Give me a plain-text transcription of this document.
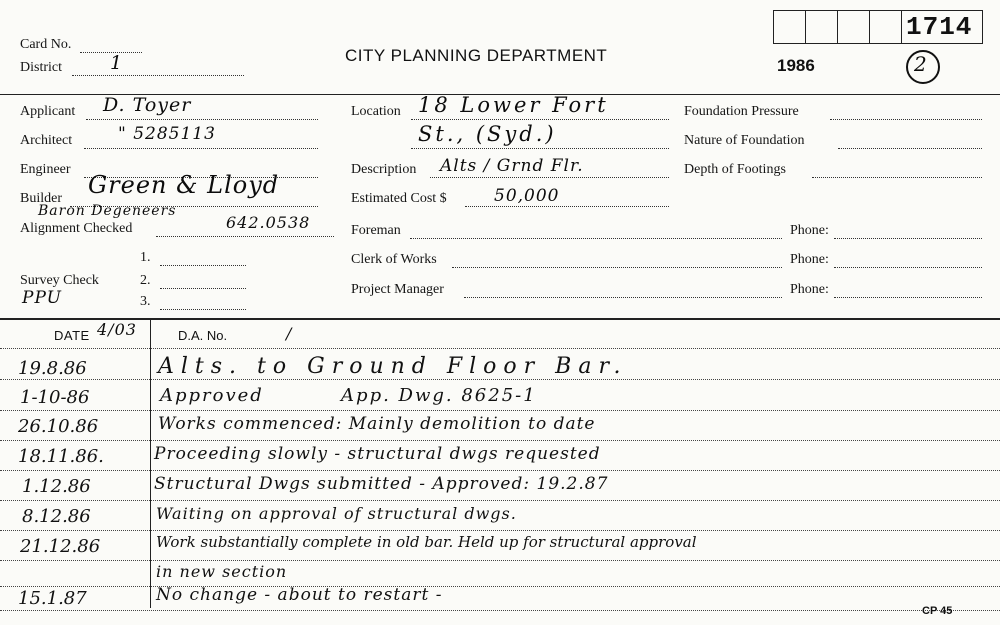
Card No.
District	1	CITY PLANNING DEPARTMENT
1714
1986	2
Applicant D. Toyer
Architect	" 5285113
Engineer
Builder Green & Lloyd
Baron Degeneers
Alignment Checked	642.0538
1.
Survey Check	2.
PPU	3.
Location 18 Lower Fort
St., (Syd.)
Description Alts / Grnd Flr.
Estimated Cost $	50,000
Foreman	Phone:
Clerk of Works	Phone:
Project Manager	Phone:
Foundation Pressure
Nature of Foundation
Depth of Footings
DATE 4/03	D.A. No.	/
19.8.86	Alts. to Ground Floor Bar.
1-10-86	Approved          App. Dwg. 8625-1
26.10.86	Works commenced: Mainly demolition to date
18.11.86.	Proceeding slowly - structural dwgs requested
1.12.86	Structural Dwgs submitted - Approved: 19.2.87
8.12.86	Waiting on approval of structural dwgs.
21.12.86	Work substantially complete in old bar. Held up for structural approval
in new section
15.1.87	No change - about to restart -
CP 45
